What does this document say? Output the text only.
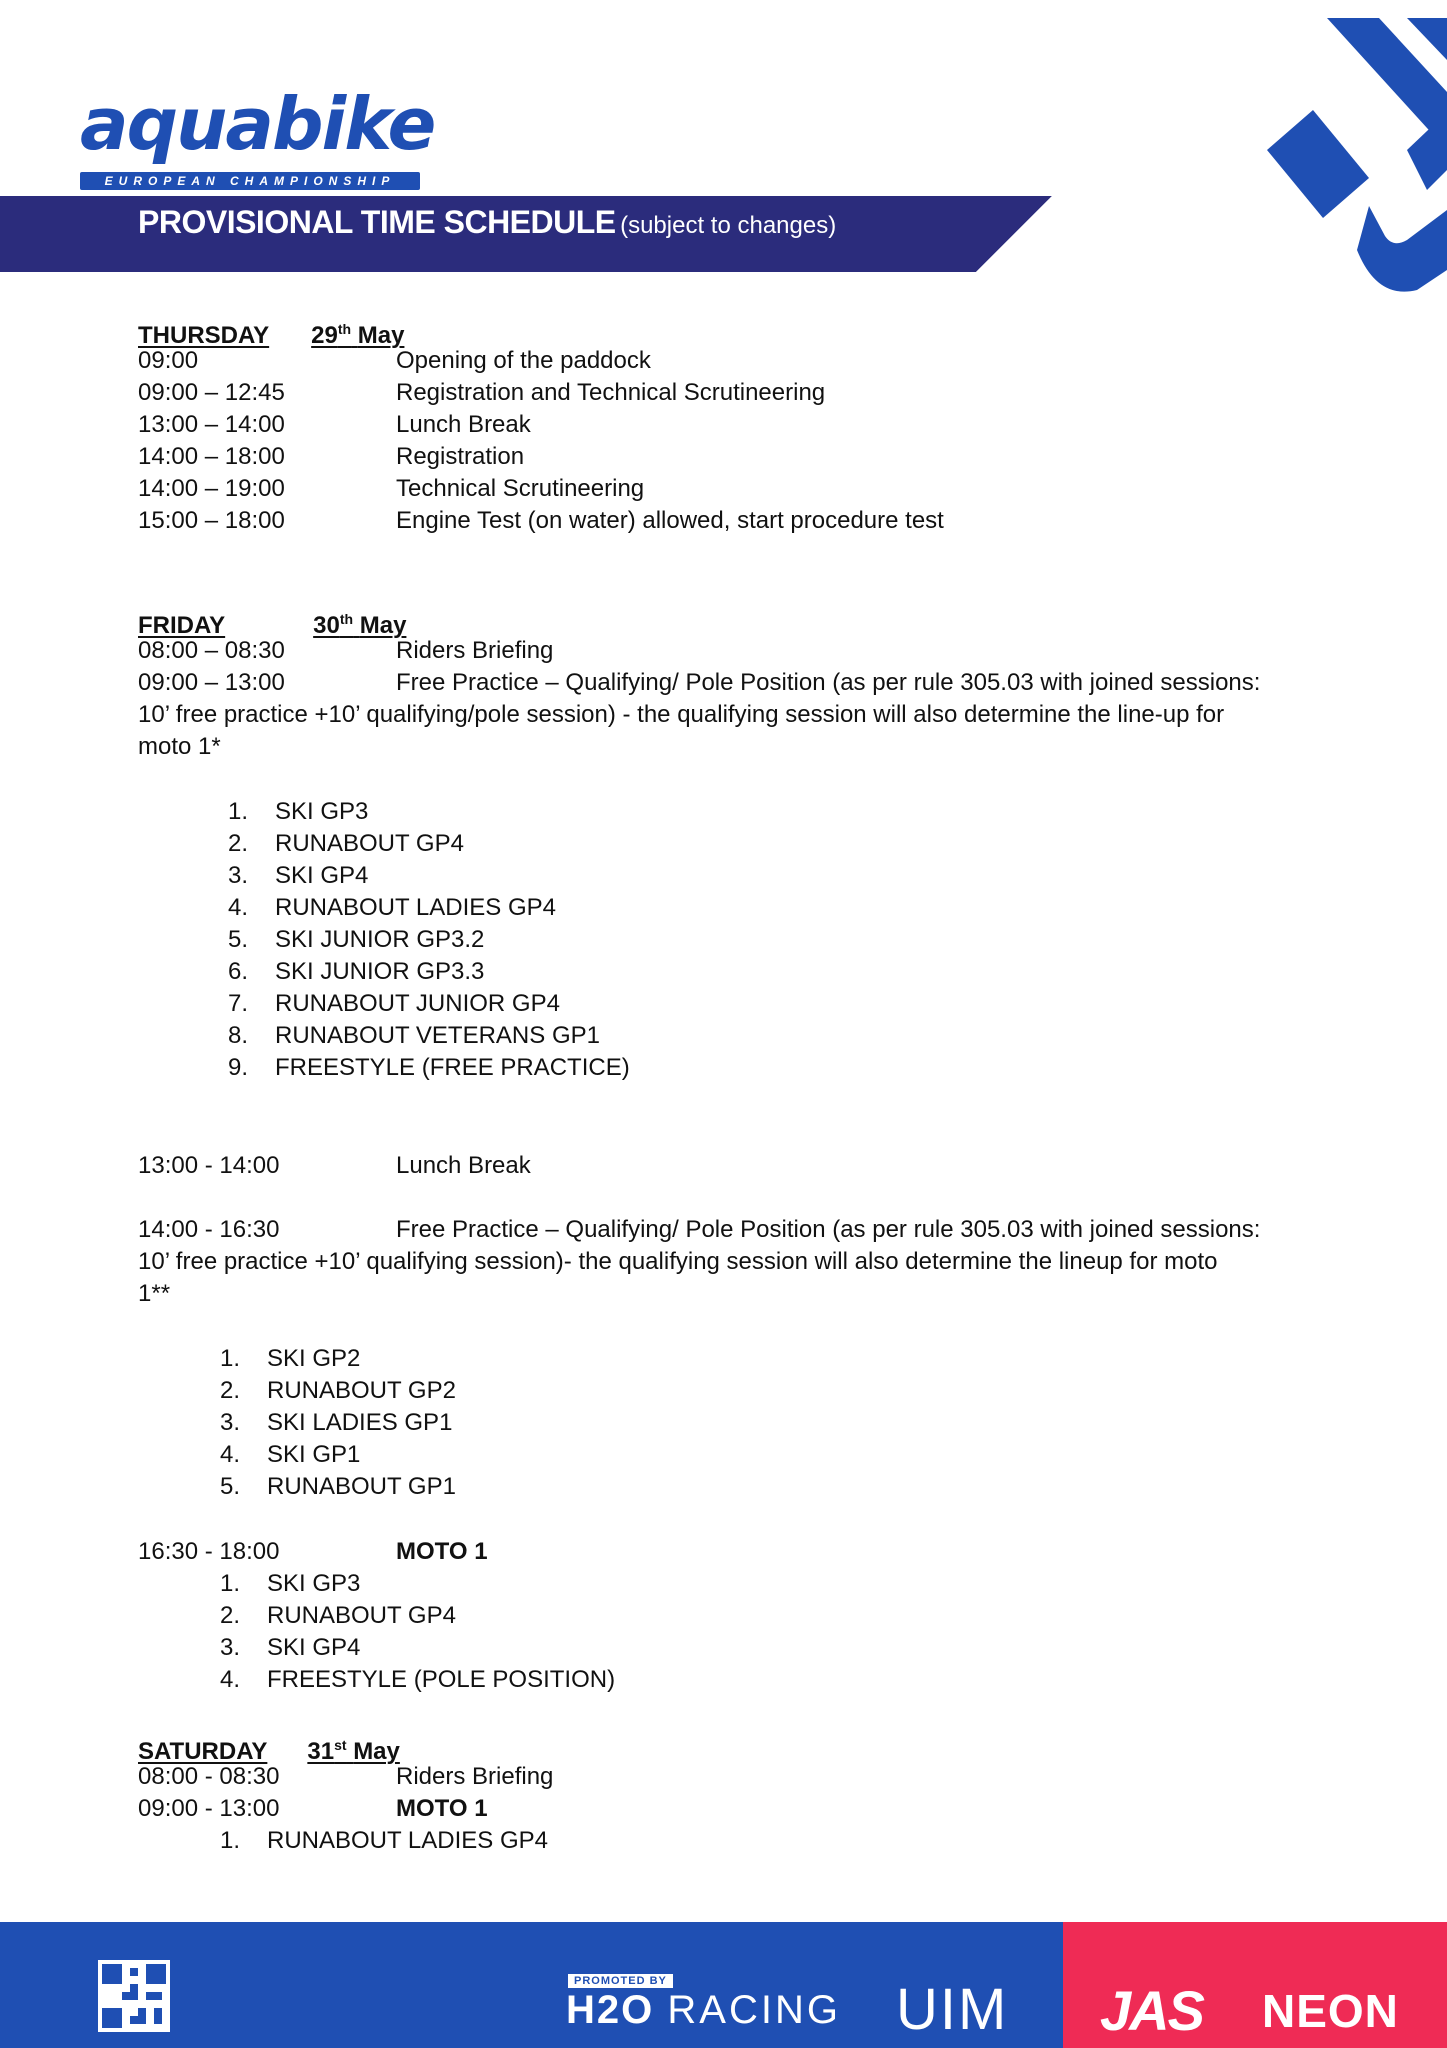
aquabike
EUROPEAN CHAMPIONSHIP
PROVISIONAL TIME SCHEDULE (subject to changes)
THURSDAY 29th May
09:00	Opening of the paddock
09:00 – 12:45	Registration and Technical Scrutineering
13:00 – 14:00	Lunch Break
14:00 – 18:00	Registration
14:00 – 19:00	Technical Scrutineering
15:00 – 18:00	Engine Test (on water) allowed, start procedure test
FRIDAY	30th May
08:00 – 08:30	Riders Briefing
09:00 – 13:00	Free Practice – Qualifying/ Pole Position (as per rule 305.03 with joined sessions:
10’ free practice +10’ qualifying/pole session) - the qualifying session will also determine the line-up for
moto 1*
1. SKI GP3
2. RUNABOUT GP4
3. SKI GP4
4. RUNABOUT LADIES GP4
5. SKI JUNIOR GP3.2
6. SKI JUNIOR GP3.3
7. RUNABOUT JUNIOR GP4
8. RUNABOUT VETERANS GP1
9. FREESTYLE (FREE PRACTICE)
13:00 - 14:00	Lunch Break
14:00 - 16:30	Free Practice – Qualifying/ Pole Position (as per rule 305.03 with joined sessions:
10’ free practice +10’ qualifying session)- the qualifying session will also determine the lineup for moto
1**
1. SKI GP2
2. RUNABOUT GP2
3. SKI LADIES GP1
4. SKI GP1
5. RUNABOUT GP1
16:30 - 18:00	MOTO 1
1. SKI GP3
2. RUNABOUT GP4
3. SKI GP4
4. FREESTYLE (POLE POSITION)
SATURDAY 31st May
08:00 - 08:30	Riders Briefing
09:00 - 13:00	MOTO 1
1. RUNABOUT LADIES GP4
PROMOTED BY
H2O RACING UIM JAS NEON
